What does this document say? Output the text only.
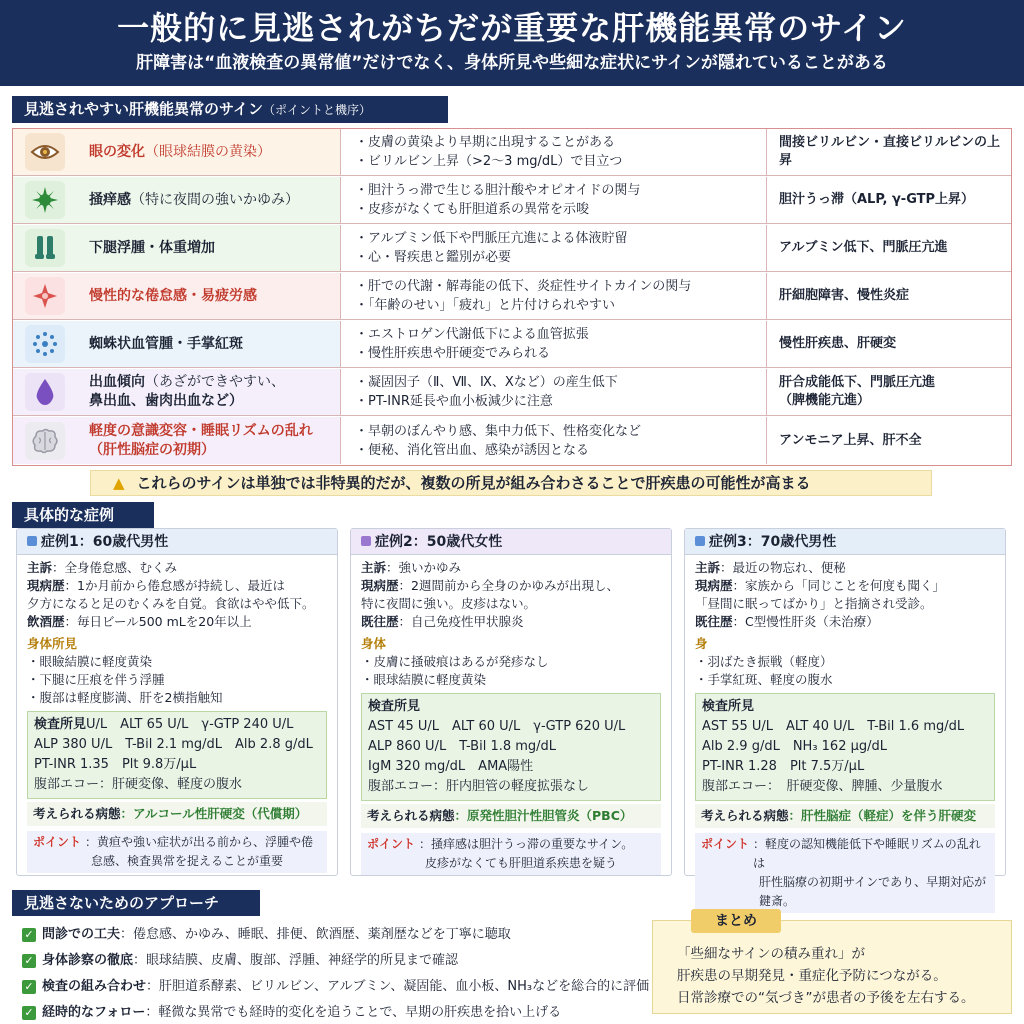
一般的に見逃されがちだが重要な肝機能異常のサイン
肝障害は“血液検査の異常値”だけでなく、身体所見や些細な症状にサインが隠れていることがある
見逃されやすい肝機能異常のサイン（ポイントと機序）
眼の変化（眼球結膜の黄染）
・皮膚の黄染より早期に出現することがある
・ビリルビン上昇（>2〜3 mg/dL）で目立つ
間接ビリルビン・直接ビリルビンの上昇
掻痒感（特に夜間の強いかゆみ）
・胆汁うっ滞で生じる胆汁酸やオピオイドの関与
・皮疹がなくても肝胆道系の異常を示唆
胆汁うっ滞（ALP, γ-GTP上昇）
下腿浮腫・体重増加
・アルブミン低下や門脈圧亢進による体液貯留
・心・腎疾患と鑑別が必要
アルブミン低下、門脈圧亢進
慢性的な倦怠感・易疲労感
・肝での代謝・解毒能の低下、炎症性サイトカインの関与
・「年齢のせい」「疲れ」と片付けられやすい
肝細胞障害、慢性炎症
蜘蛛状血管腫・手掌紅斑
・エストロゲン代謝低下による血管拡張
・慢性肝疾患や肝硬変でみられる
慢性肝疾患、肝硬変
出血傾向（あざができやすい、
鼻出血、歯肉出血など）
・凝固因子（Ⅱ、Ⅶ、Ⅸ、Ⅹなど）の産生低下
・PT-INR延長や血小板減少に注意
肝合成能低下、門脈圧亢進
（脾機能亢進）
軽度の意識変容・睡眠リズムの乱れ
（肝性脳症の初期）
・早朝のぼんやり感、集中力低下、性格変化など
・便秘、消化管出血、感染が誘因となる
アンモニア上昇、肝不全
▲ これらのサインは単独では非特異的だが、複数の所見が組み合わさることで肝疾患の可能性が高まる
具体的な症例
症例1：60歳代男性
主訴：全身倦怠感、むくみ
現病歴：1か月前から倦怠感が持続し、最近は
夕方になると足のむくみを自覚。食欲はやや低下。
飲酒歴：毎日ビール500 mLを20年以上
身体所見
・眼瞼結膜に軽度黄染
・下腿に圧痕を伴う浮腫
・腹部は軽度膨満、肝を2横指触知
検査所見U/L　ALT 65 U/L　γ-GTP 240 U/L
ALP 380 U/L　T-Bil 2.1 mg/dL　Alb 2.8 g/dL
PT-INR 1.35　Plt 9.8万/μL
腹部エコー：肝硬変像、軽度の腹水
考えられる病態：アルコール性肝硬変（代償期）
ポイント ：黄疸や強い症状が出る前から、浮腫や倦
怠感、検査異常を捉えることが重要
症例2：50歳代女性
主訴：強いかゆみ
現病歴：2週間前から全身のかゆみが出現し、
特に夜間に強い。皮疹はない。
既往歴：自己免疫性甲状腺炎
身体
・皮膚に掻破痕はあるが発疹なし
・眼球結膜に軽度黄染
検査所見
AST 45 U/L　ALT 60 U/L　γ-GTP 620 U/L
ALP 860 U/L　T-Bil 1.8 mg/dL
IgM 320 mg/dL　AMA陽性
腹部エコー：肝内胆管の軽度拡張なし
考えられる病態：原発性胆汁性胆管炎（PBC）
ポイント ：掻痒感は胆汁うっ滞の重要なサイン。
皮疹がなくても肝胆道系疾患を疑う
症例3：70歳代男性
主訴：最近の物忘れ、便秘
現病歴：家族から「同じことを何度も聞く」
「昼間に眠ってばかり」と指摘され受診。
既往歴：C型慢性肝炎（未治療）
身
・羽ばたき振戦（軽度）
・手掌紅斑、軽度の腹水
検査所見
AST 55 U/L　ALT 40 U/L　T-Bil 1.6 mg/dL
Alb 2.9 g/dL　NH₃ 162 μg/dL
PT-INR 1.28　Plt 7.5万/μL
腹部エコー：　肝硬変像、脾腫、少量腹水
考えられる病態：肝性脳症（軽症）を伴う肝硬変
ポイント ：軽度の認知機能低下や睡眠リズムの乱れは
肝性脳療の初期サインであり、早期対応が鍵斎。
見逃さないためのアプローチ
✓ 問診での工夫 ：倦怠感、かゆみ、睡眠、排便、飲酒歴、薬剤歴などを丁寧に聴取
✓ 身体診察の徹底 ：眼球結膜、皮膚、腹部、浮腫、神経学的所見まで確認
✓ 検査の組み合わせ ：肝胆道系酵素、ビリルビン、アルブミン、凝固能、血小板、NH₃などを総合的に評価
✓ 経時的なフォロー ：軽微な異常でも経時的変化を追うことで、早期の肝疾患を拾い上げる
まとめ
「些細なサインの積み重れ」が
肝疾患の早期発見・重症化予防につながる。
日常診療での“気づき”が患者の予後を左右する。
